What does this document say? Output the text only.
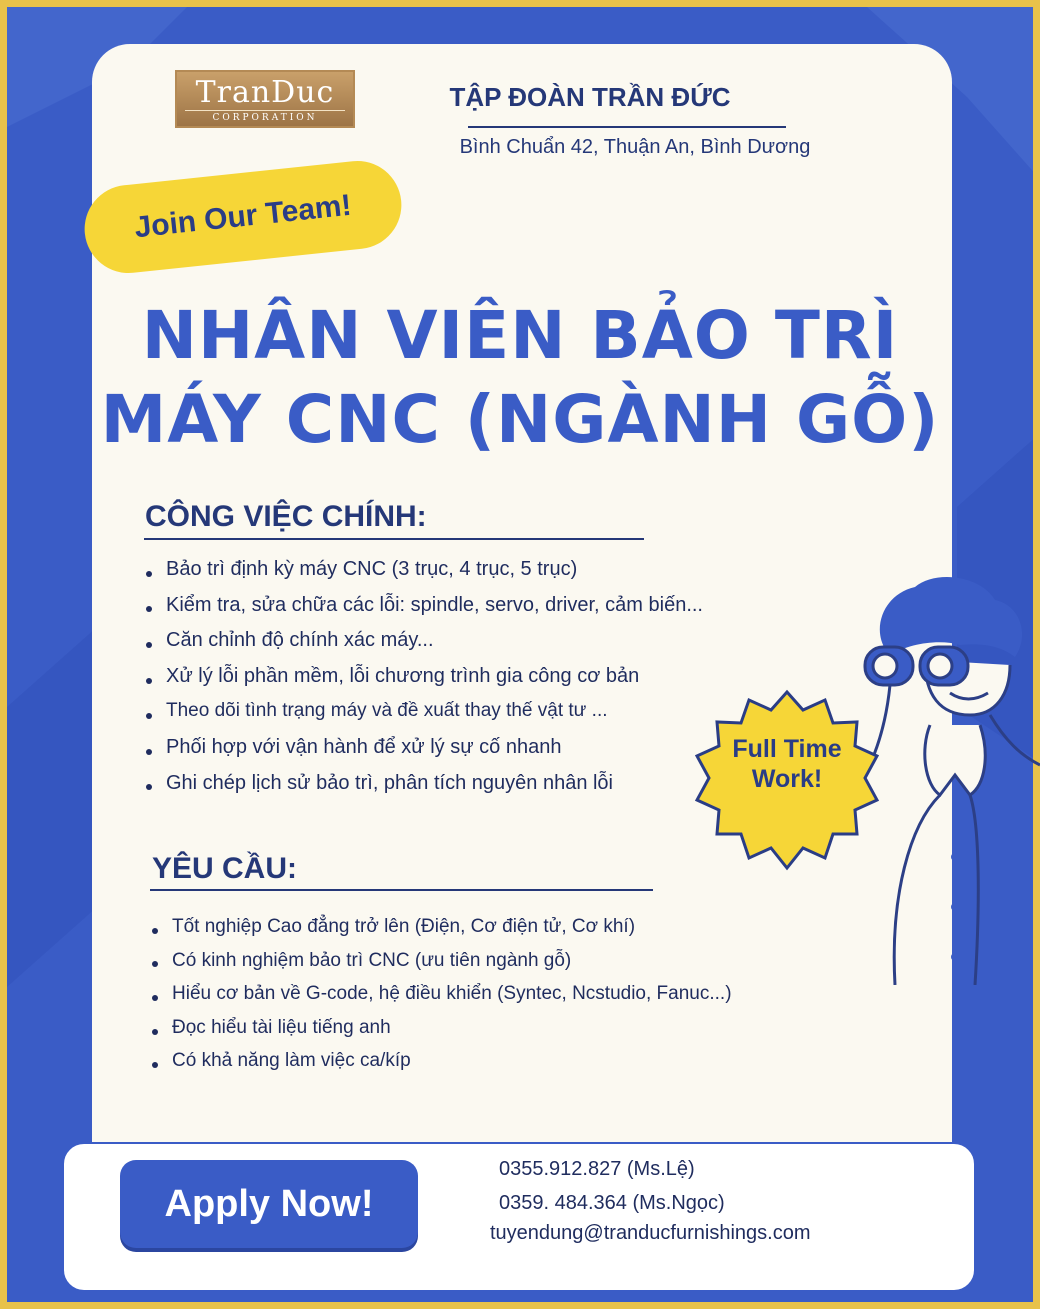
TranDuc
CORPORATION
TẬP ĐOÀN TRẦN ĐỨC
Bình Chuẩn 42, Thuận An, Bình Dương
Join Our Team!
NHÂN VIÊN BẢO TRÌ
MÁY CNC (NGÀNH GỖ)
CÔNG VIỆC CHÍNH:
Bảo trì định kỳ máy CNC (3 trục, 4 trục, 5 trục)
Kiểm tra, sửa chữa các lỗi: spindle, servo, driver, cảm biến...
Căn chỉnh độ chính xác máy...
Xử lý lỗi phần mềm, lỗi chương trình gia công cơ bản
Theo dõi tình trạng máy và đề xuất thay thế vật tư ...
Phối hợp với vận hành để xử lý sự cố nhanh
Ghi chép lịch sử bảo trì, phân tích nguyên nhân lỗi
Full Time
Work!
YÊU CẦU:
Tốt nghiệp Cao đẳng trở lên (Điện, Cơ điện tử, Cơ khí)
Có kinh nghiệm bảo trì CNC (ưu tiên ngành gỗ)
Hiểu cơ bản về G-code, hệ điều khiển (Syntec, Ncstudio, Fanuc...)
Đọc hiểu tài liệu tiếng anh
Có khả năng làm việc ca/kíp
Apply Now!
0355.912.827 (Ms.Lệ)
0359. 484.364 (Ms.Ngọc)
tuyendung@tranducfurnishings.com
